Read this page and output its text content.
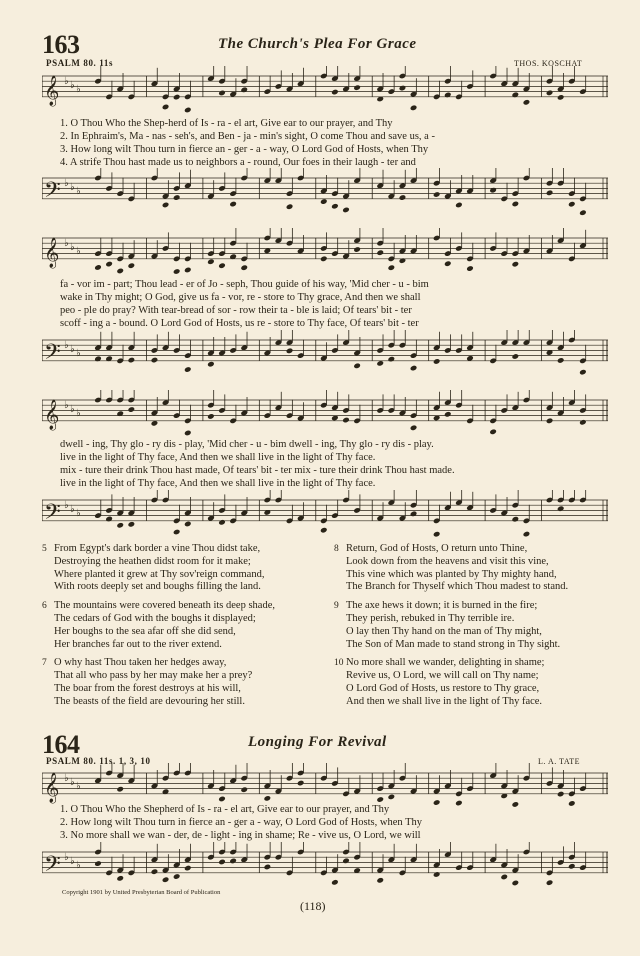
163	The Church's Plea For Grace
PSALM 80. 11s	THOS. KOSCHAT
𝄞 ♭ ♭ ♭
1. O Thou Who the Shep-herd of Is - ra - el art, Give ear to our prayer, and Thy
2. In Ephraim's, Ma - nas - seh's, and Ben - ja - min's sight, O come Thou and save us, a -
3. How long wilt Thou turn in fierce an - ger - a - way, O Lord God of Hosts, when Thy
4. A strife Thou hast made us to neighbors a - round, Our foes in their laugh - ter and
𝄢 ♭ ♭ ♭
𝄞 ♭ ♭ ♭
fa - vor im - part; Thou lead - er of Jo - seph, Thou guide of his way, 'Mid cher - u - bim
wake in Thy might; O God, give us fa - vor, re - store to Thy grace, And then we shall
peo - ple do pray? With tear-bread of sor - row their ta - ble is laid; Of tears' bit - ter
scoff - ing a - bound. O Lord God of Hosts, us re - store to Thy face, Of tears' bit - ter
𝄢 ♭ ♭ ♭
𝄞 ♭ ♭ ♭
dwell - ing, Thy glo - ry dis - play, 'Mid cher - u - bim dwell - ing, Thy glo - ry dis - play.
live in the light of Thy face, And then we shall live in the light of Thy face.
mix - ture their drink Thou hast made, Of tears' bit - ter mix - ture their drink Thou hast made.
live in the light of Thy face, And then we shall live in the light of Thy face.
𝄢 ♭ ♭ ♭
5 From Egypt's dark border a vine Thou didst take,
Destroying the heathen didst room for it make;
Where planted it grew at Thy sov'reign command,
With roots deeply set and boughs filling the land.
6 The mountains were covered beneath its deep shade,
The cedars of God with the boughs it displayed;
Her boughs to the sea afar off she did send,
Her branches far out to the river extend.
7 O why hast Thou taken her hedges away,
That all who pass by her may make her a prey?
The boar from the forest destroys at his will,
The beasts of the field are devouring her still.
8 Return, God of Hosts, O return unto Thine,
Look down from the heavens and visit this vine,
This vine which was planted by Thy mighty hand,
The Branch for Thyself which Thou madest to stand.
9 The axe hews it down; it is burned in the fire;
They perish, rebuked in Thy terrible ire.
O lay then Thy hand on the man of Thy might,
The Son of Man made to stand strong in Thy sight.
10 No more shall we wander, delighting in shame;
Revive us, O Lord, we will call on Thy name;
O Lord God of Hosts, us restore to Thy grace,
And then we shall live in the light of Thy face.
164	Longing For Revival
PSALM 80. 11s. 1, 3, 10	L. A. TATE
𝄞 ♭ ♭ ♭
1. O Thou Who the Shepherd of Is - ra - el art, Give ear to our prayer, and Thy
2. How long wilt Thou turn in fierce an - ger a - way, O Lord God of Hosts, when Thy
3. No more shall we wan - der, de - light - ing in shame; Re - vive us, O Lord, we will
𝄢 ♭ ♭ ♭
Copyright 1901 by United Presbyterian Board of Publication
(118)
